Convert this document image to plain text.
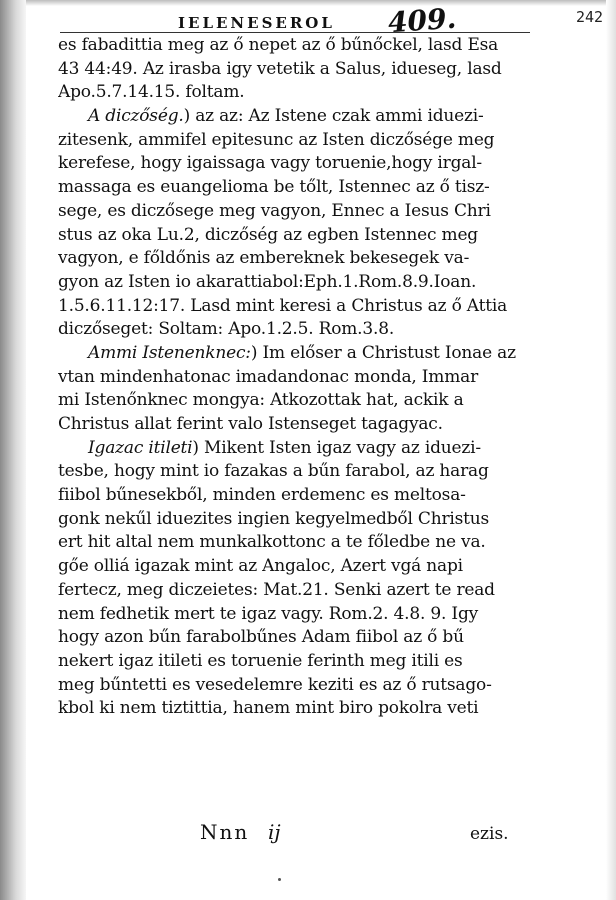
IELENESEROL 409.	242
es fabadittia meg az ő nepet az ő bűnőckel, lasd Esa
43 44:49. Az irasba igy vetetik a Salus, idueseg, lasd
Apo.5.7.14.15. foltam.
A diczőség.) az az: Az Istene czak ammi iduezi-
zitesenk, ammifel epitesunc az Isten diczősége meg
kerefese, hogy igaissaga vagy toruenie,hogy irgal-
massaga es euangelioma be tőlt, Istennec az ő tisz-
sege, es diczősege meg vagyon, Ennec a Iesus Chri
stus az oka Lu.2, diczőség az egben Istennec meg
vagyon, e főldőnis az embereknek bekesegek va-
gyon az Isten io akarattiabol:Eph.1.Rom.8.9.Ioan.
1.5.6.11.12:17. Lasd mint keresi a Christus az ő Attia
diczőseget: Soltam: Apo.1.2.5. Rom.3.8.
Ammi Istenenknec:) Im előser a Christust Ionae az
vtan mindenhatonac imadandonac monda, Immar
mi Istenőnknec mongya: Atkozottak hat, ackik a
Christus allat ferint valo Istenseget tagagyac.
Igazac itileti) Mikent Isten igaz vagy az iduezi-
tesbe, hogy mint io fazakas a bűn farabol, az harag
fiibol bűnesekből, minden erdemenc es meltosa-
gonk nekűl iduezites ingien kegyelmedből Christus
ert hit altal nem munkalkottonc a te főledbe ne va.
gőe olliá igazak mint az Angaloc, Azert vgá napi
fertecz, meg diczeietes: Mat.21. Senki azert te read
nem fedhetik mert te igaz vagy. Rom.2. 4.8. 9. Igy
hogy azon bűn farabolbűnes Adam fiibol az ő bű
nekert igaz itileti es toruenie ferinth meg itili es
meg bűntetti es vesedelemre keziti es az ő rutsago-
kbol ki nem tiztittia, hanem mint biro pokolra veti
Nnn ij	ezis.
